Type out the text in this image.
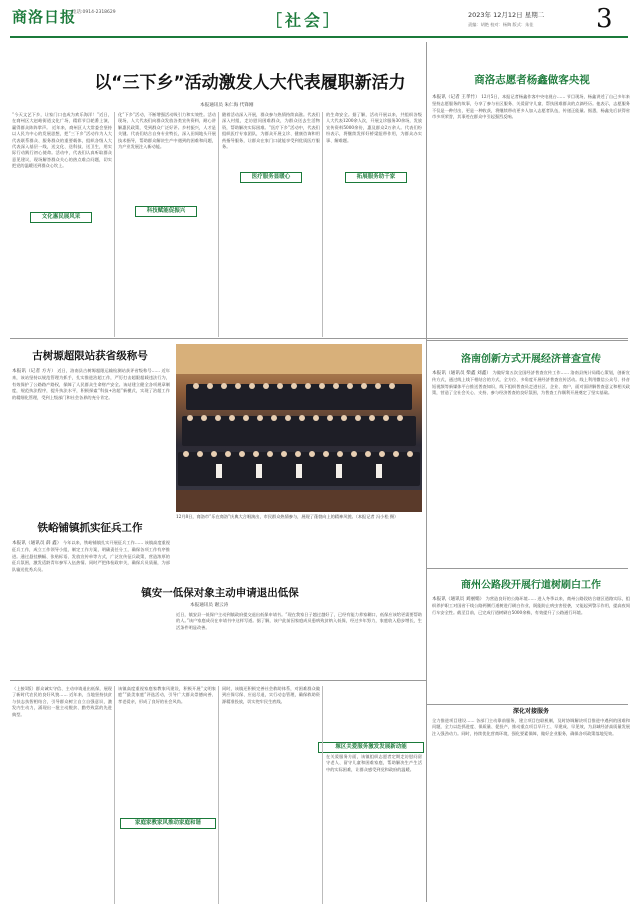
商洛日报
电话:0914-2318629	［社会］	2023年 12月12日 星期二
责编：胡艳 校对：杨陶 版式：朱佳 3
以“三下乡”活动激发人大代表履职新活力
本报通讯员 朱仁海 代锋刚
“今天文艺下乡，让家门口也成为欢乐海洋！”近日，在商州区大赵峪街道文化广场，精彩节目轮番上演，赢得群众阵阵掌声。 近年来，商州区人大常委会坚持以人民为中心的发展思想，把“三下乡”活动作为人大代表联系群众、服务群众的重要载体，组织各级人大代表深入基层一线，送文化、送科技、送卫生，用实际行动践行初心使命。活动中，代表们认真听取群众意见建议，现场解答群众关心的热点难点问题，切实把党的温暖送到群众心坎上。
文化惠民展风采
化“下乡”活动，不断增强活动吸引力和实效性。活动现场，人大代表们向群众发放各类宣传资料，耐心讲解惠民政策，受到群众广泛好评。乡村振兴，人才是关键。代表们结合自身专业特长，深入田间地头开展技术指导，帮助群众解决生产中遇到的困难和问题，为产业发展注入新动能。
科技赋能促振兴
随着活动深入开展，群众参与热情持续高涨。代表们深入村组，走访慰问困难群众，为群众送去生活物资，帮助解决实际困难。“医疗下乡”活动中，代表们组织医疗专家团队，为群众开展义诊、健康咨询和用药指导服务，让群众在家门口就能享受到优质医疗服务。
医疗服务显暖心
的生命安全。据了解，活动开展以来，共组织各级人大代表1200余人次，开展义诊服务30余场，发放宣传资料5000余份，惠及群众2万余人。代表们纷纷表示，将继续发挥好桥梁纽带作用，为群众办实事、解难题。
拓展服务助千家
商洛志愿者杨鑫做客央视
本报讯（记者 王孝竹） 12月5日，本报记者杨鑫作客中央电视台…… 节目现场，杨鑫讲述了自己多年来坚持志愿服务的故事，分享了参与社区服务、关爱留守儿童、帮扶困难群众的点滴经历。他表示，志愿服务不仅是一种付出，更是一种收获，将继续带动更多人加入志愿者队伍，传递正能量。据悉，杨鑫先后获得省市多项荣誉，其事迹在群众中引起强烈反响。
古树塬超限站获省级称号
本报讯（记者 方方） 近日，洛南县古树塬超限运输检测站获评省级称号…… 近年来，该站坚持以规范管理为抓手，扎实推进治超工作，严厉打击超限超载违法行为，有效保护了公路路产路权，保障了人民群众生命财产安全。该站建立健全各项规章制度，规范执法程序，提升执法水平，积极探索“科技+治超”新模式，实现了治超工作的精细化管理，受到上级部门和社会各界的充分肯定。
铁峪铺镇抓实征兵工作
本报讯（通讯员 薛 鑫） 今年以来，铁峪铺镇扎实开展征兵工作…… 该镇高度重视征兵工作，成立工作领导小组，制定工作方案，明确责任分工，确保各项工作有序推进。通过悬挂横幅、张贴标语、发放宣传单等方式，广泛宣传征兵政策，营造浓厚的征兵氛围，激发适龄青年参军入伍热情。同时严把体检政审关，确保兵员质量，为部队输送优秀兵员。
12月8日，商洛市“乐在商洛”庆典大合唱演出，市民群众热情参与，展现了蓬勃向上的精神风貌。（本报记者 冯小松 摄）
洛南创新方式开展经济普查宣传
本报讯（通讯员 柴鑫 刘鑫） 为做好第五次全国经济普查宣传工作…… 洛南县统计局精心策划，创新宣传方式，通过线上线下相结合的方式，全方位、多角度开展经济普查宣传活动。线上利用微信公众号、抖音短视频等新媒体平台推送普查知识，线下组织普查员走进社区、企业、商户，面对面讲解普查意义和相关政策，营造了全社会关心、支持、参与经济普查的良好氛围，为普查工作顺利开展奠定了坚实基础。
商州公路段开展行道树刷白工作
本报讯（通讯员 刘丽娟） 为营造良好的公路环境…… 进入冬季以来，商州公路段结合辖区道路实际，组织养护职工对国省干线公路两侧行道树进行刷白作业，既能防止病虫害侵袭，又能起到警示作用，提高夜间行车安全性。截至目前，已完成行道树刷白5000余株，有效提升了公路通行环境。
镇安一低保对象主动申请退出低保
本报通讯员 谢云涛
近日，镇安县一低保户主动到镇政府提交退出低保申请书。“现在我家日子越过越好了，已经有能力养家糊口，低保应该给更需要帮助的人。”该户家庭成员在申请书中这样写道。据了解，该户此前因家庭成员患病致贫纳入低保，经过多年努力，家庭收入稳步增长，生活条件明显改善。
（上接1版）群众诚实守信、主动申请退出低保，展现了新时代农民的良好风貌…… 近年来，当地坚持扶贫与扶志扶智相结合，引导群众树立自立自强意识，激发内生动力，涌现出一批主动脱贫、勤劳致富的先进典型。
该镇高度重视家庭家教家风建设，积极开展“文明家庭”“最美家庭”评选活动，引导广大群众崇德向善、孝老爱亲，形成了良好的社会风尚。
家庭家教家风推动家庭和谐
同时，该镇还积极完善社会救助体系，对困难群众做到应保尽保、应退尽退，实行动态管理，确保救助资源精准投放，切实兜牢民生底线。
塬区关爱服务激发发展新动能
在关爱服务方面，该镇组织志愿者定期走访慰问留守老人、留守儿童和困难家庭，帮助解决生产生活中的实际困难，让群众感受到党和政府的温暖。
深化对接服务
全力推进项目建设…… 各部门主动靠前服务，建立项目包联机制，及时协调解决项目推进中遇到的困难和问题，全力以赴抓进度、保质量、促投产，推动重点项目早开工、早建成、早见效，为县域经济高质量发展注入强劲动力。同时，持续优化营商环境，强化要素保障，做好企业服务，确保各项政策落地见效。
